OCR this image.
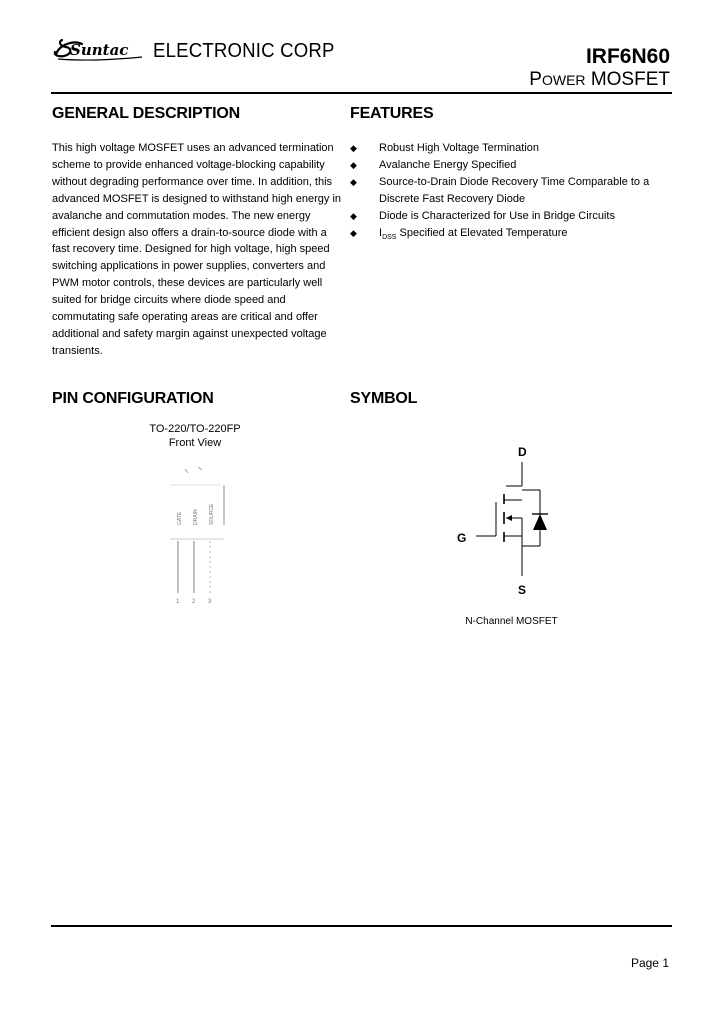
Suntac ELECTRONIC CORP	IRF6N60
POWER MOSFET
GENERAL DESCRIPTION
This high voltage MOSFET uses an advanced termination
scheme to provide enhanced voltage-blocking capability
without degrading performance over time. In addition, this
advanced MOSFET is designed to withstand high energy in
avalanche and commutation modes. The new energy
efficient design also offers a drain-to-source diode with a
fast recovery time. Designed for high voltage, high speed
switching applications in power supplies, converters and
PWM motor controls, these devices are particularly well
suited for bridge circuits where diode speed and
commutating safe operating areas are critical and offer
additional and safety margin against unexpected voltage
transients.
FEATURES
◆	Robust High Voltage Termination
◆	Avalanche Energy Specified
◆	Source-to-Drain Diode Recovery Time Comparable to a
Discrete Fast Recovery Diode
◆	Diode is Characterized for Use in Bridge Circuits
◆	$I_{DSS}$ Specified at Elevated Temperature
PIN CONFIGURATION
TO-220/TO-220FP
Front View
GATE DRAIN SOURCE
1 2 3
SYMBOL
D
G
S
N-Channel MOSFET
Page 1
